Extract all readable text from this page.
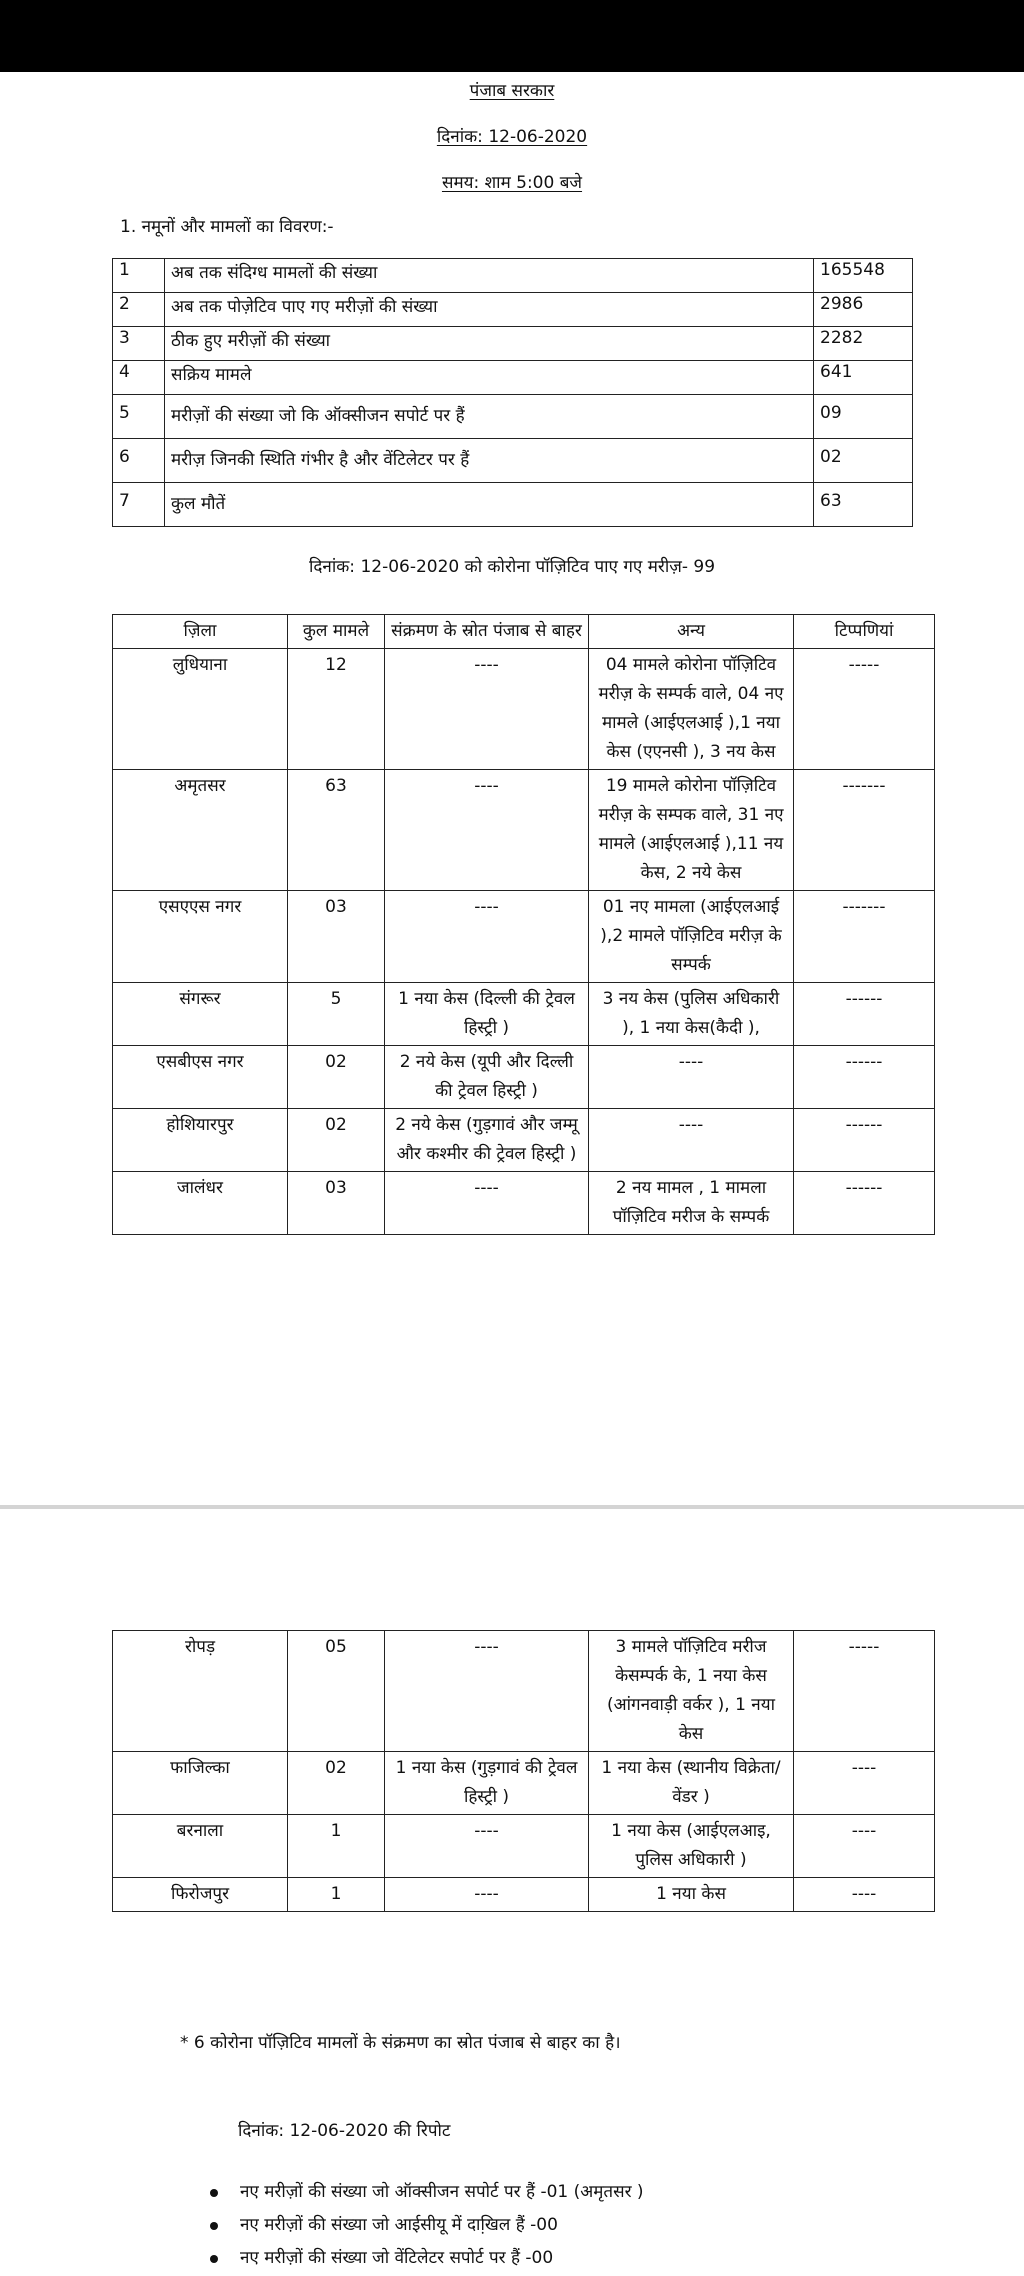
पंजाब सरकार
दिनांक: 12-06-2020
समय: शाम 5:00 बजे
1. नमूनों और मामलों का विवरण:-
1	अब तक संदिग्ध मामलों की संख्या	165548
2	अब तक पोज़ेटिव पाए गए मरीज़ों की संख्या	2986
3	ठीक हुए मरीज़ों की संख्या	2282
4	सक्रिय मामले	641
5	मरीज़ों की संख्या जो कि ऑक्सीजन सपोर्ट पर हैं	09
6	मरीज़ जिनकी स्थिति गंभीर है और वेंटिलेटर पर हैं	02
7	कुल मौतें	63
दिनांक: 12-06-2020 को कोरोना पॉज़िटिव पाए गए मरीज़- 99
ज़िला	कुल मामले	संक्रमण के स्रोत पंजाब से बाहर	अन्य	टिप्पणियां
लुधियाना	12	----	04 मामले कोरोना पॉज़िटिव मरीज़ के सम्पर्क वाले, 04 नए मामले (आईएलआई ),1 नया केस (एएनसी ), 3 नय केस	-----
अमृतसर	63	----	19 मामले कोरोना पॉज़िटिव मरीज़ के सम्पक वाले, 31 नए मामले (आईएलआई ),11 नय केस, 2 नये केस	-------
एसएएस नगर	03	----	01 नए मामला (आईएलआई ),2 मामले पॉज़िटिव मरीज़ के सम्पर्क	-------
संगरूर	5	1 नया केस (दिल्ली की ट्रेवल हिस्ट्री )	3 नय केस (पुलिस अधिकारी ), 1 नया केस(कैदी ),	------
एसबीएस नगर	02	2 नये केस (यूपी और दिल्ली की ट्रेवल हिस्ट्री )	----	------
होशियारपुर	02	2 नये केस (गुड़गावं और जम्मू और कश्मीर की ट्रेवल हिस्ट्री )	----	------
जालंधर	03	----	2 नय मामल , 1 मामला पॉज़िटिव मरीज के सम्पर्क	------
रोपड़	05	----	3 मामले पॉज़िटिव मरीज केसम्पर्क के, 1 नया केस (आंगनवाड़ी वर्कर ), 1 नया केस	-----
फाजिल्का	02	1 नया केस (गुड़गावं की ट्रेवल हिस्ट्री )	1 नया केस (स्थानीय विक्रेता/वेंडर )	----
बरनाला	1	----	1 नया केस (आईएलआइ, पुलिस अधिकारी )	----
फिरोजपुर	1	----	1 नया केस	----
* 6 कोरोना पॉज़िटिव मामलों के संक्रमण का स्रोत पंजाब से बाहर का है।
दिनांक: 12-06-2020 की रिपोट
नए मरीज़ों की संख्या जो ऑक्सीजन सपोर्ट पर हैं -01 (अमृतसर )
नए मरीज़ों की संख्या जो आईसीयू में दाखि़ल हैं -00
नए मरीज़ों की संख्या जो वेंटिलेटर सपोर्ट पर हैं -00
